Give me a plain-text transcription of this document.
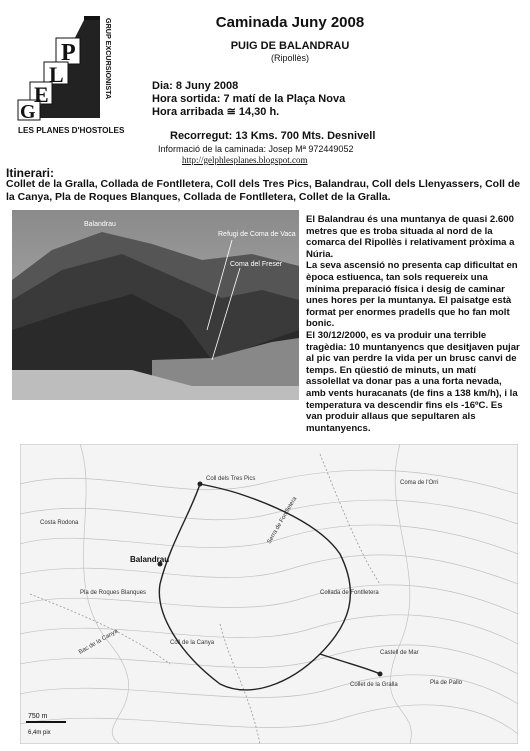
P
L
E
G
GRUP EXCURSIONISTA
LES PLANES D'HOSTOLES
Caminada Juny 2008
PUIG DE BALANDRAU
(Ripollès)
Dia: 8 Juny 2008
Hora sortida: 7 matí de la Plaça Nova
Hora arribada ≅ 14,30 h.
Recorregut: 13 Kms. 700 Mts. Desnivell
Informació de la caminada: Josep Mª 972449052
http://gelphlesplanes.blogspot.com
Itinerari:
Collet de la Gralla, Collada de Fontlletera, Coll dels Tres Pics, Balandrau, Coll dels Llenyassers, Coll de la Canya, Pla de Roques Blanques, Collada de Fontlletera, Collet de la Gralla.
Balandrau
Refugi de Coma de Vaca
Coma del Freser

El Balandrau és una muntanya de quasi 2.600 metres que es troba situada al nord de la comarca del Ripollès i relativament pròxima a Núria.

La seva ascensió no presenta cap dificultat en època estiuenca, tan sols requereix una mínima preparació física i desig de caminar unes hores per la muntanya. El paisatge està format per enormes pradells que ho fan molt bonic.

El 30/12/2000, es va produir una terrible tragèdia: 10 muntanyencs que desitjaven pujar al pic van perdre la vida per un brusc canvi de temps. En qüestió de minuts, un matí assolellat va donar pas a una forta nevada, amb vents huracanats (de fins a 138 km/h), i la temperatura va descendir fins els -16ºC. Es van produir allaus que sepultaren als muntanyencs.

Balandrau
Coll dels Tres Pics
Costa Rodona
Pla de Roques Blanques	Collada de Fontlletera
Collet de la Gralla
Castell de Mar
Pla de Pallo
Coma de l'Orri
Bac de la Canya	Coll de la Canya
Serra de Fontlletera
750 m
6,4m pix
